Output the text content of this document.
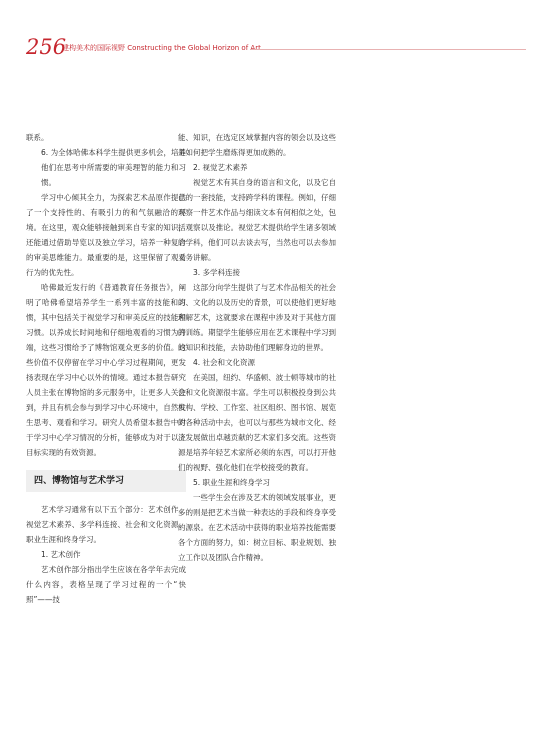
256
建构美术的国际视野 Constructing the Global Horizon of Art

联系。

6. 为全体哈佛本科学生提供更多机会，培养他们在思考中所需要的审美理智的能力和习惯。

学习中心倾其全力，为探索艺术品原作提供了一个支持性的、有吸引力的和气氛融洽的环境。在这里，观众能够接触到来自专家的知识，还能通过借助导览以及独立学习，培养一种复合的审美思维能力。最重要的是，这里保留了观看行为的优先性。

哈佛最近发行的《普通教育任务报告》，阐明了哈佛希望培养学生一系列丰富的技能和习惯，其中包括关于视觉学习和审美反应的技能和习惯。以养成长时间地和仔细地观看的习惯为开端，这些习惯给予了博物馆观众更多的价值。这些价值不仅停留在学习中心学习过程期间，更发扬表现在学习中心以外的情境。通过本报告研究人员主张在博物馆的多元服务中，让更多人关注到，并且有机会参与到学习中心环境中，自然发生思考、观看和学习。研究人员希望本报告中对于学习中心学习情况的分析，能够成为对于以上目标实现的有效资源。

四、博物馆与艺术学习

艺术学习通常有以下五个部分：艺术创作、视觉艺术素养、多学科连接、社会和文化资源、职业生涯和终身学习。

1. 艺术创作

艺术创作部分指出学生应该在各学年去完成什么内容，表格呈现了学习过程的一个“快照”——技

能、知识，在选定区域掌握内容的领会以及这些是如何把学生磨炼得更加成熟的。

2. 视觉艺术素养

视觉艺术有其自身的语言和文化，以及它自己的一套技能，支持跨学科的课程。例如，仔细观察一件艺术作品与细读文本有何相似之处，包括观察以及推论。视觉艺术提供给学生诸多领域的学科，他们可以去谈去写，当然也可以去参加义务讲解。

3. 多学科连接

这部分向学生提供了与艺术作品相关的社会的、文化的以及历史的背景，可以使他们更好地理解艺术，这就要求在课程中涉及对于其他方面的训练。期望学生能够应用在艺术课程中学习到的知识和技能，去协助他们理解身边的世界。

4. 社会和文化资源

在美国，纽约、华盛顿、波士顿等城市的社会和文化资源很丰富。学生可以积极投身到公共机构、学校、工作室、社区组织、图书馆、展览的各种活动中去，也可以与那些为城市文化、经济发展做出卓越贡献的艺术家们多交流。这些资源是培养年轻艺术家所必须的东西，可以打开他们的视野、强化他们在学校接受的教育。

5. 职业生涯和终身学习

一些学生会在涉及艺术的领域发展事业，更多的则是把艺术当做一种表达的手段和终身享受的源泉。在艺术活动中获得的职业培养技能需要各个方面的努力，如：树立目标、职业规划、独立工作以及团队合作精神。
